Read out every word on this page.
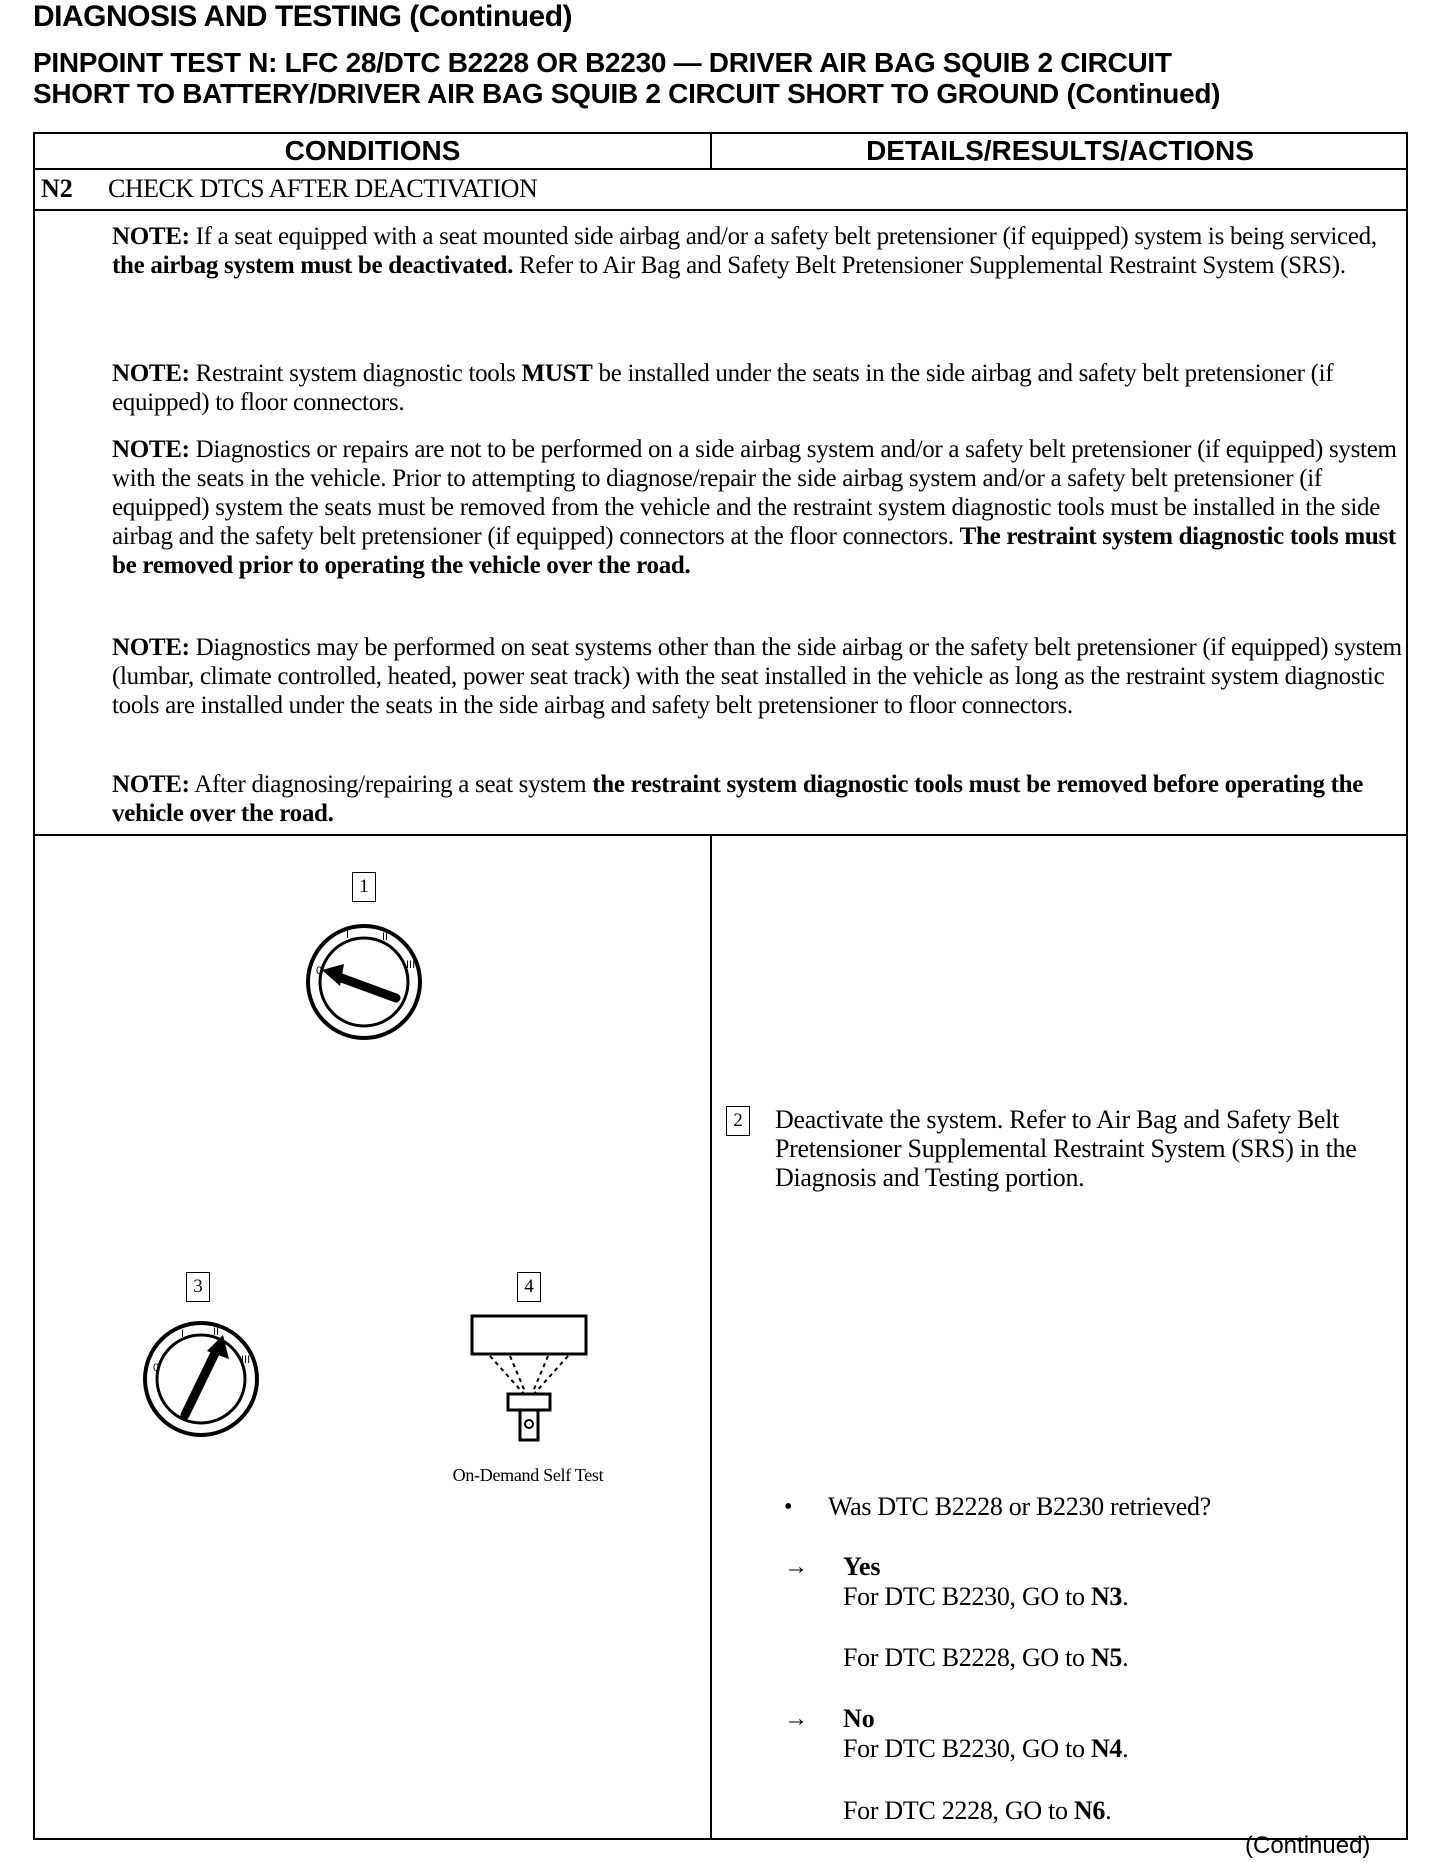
DIAGNOSIS AND TESTING (Continued)
PINPOINT TEST N: LFC 28/DTC B2228 OR B2230 — DRIVER AIR BAG SQUIB 2 CIRCUIT
SHORT TO BATTERY/DRIVER AIR BAG SQUIB 2 CIRCUIT SHORT TO GROUND (Continued)
CONDITIONS	DETAILS/RESULTS/ACTIONS
N2 CHECK DTCS AFTER DEACTIVATION
NOTE: If a seat equipped with a seat mounted side airbag and/or a safety belt pretensioner (if equipped) system is being serviced, the airbag system must be deactivated. Refer to Air Bag and Safety Belt Pretensioner Supplemental Restraint System (SRS).
NOTE: Restraint system diagnostic tools MUST be installed under the seats in the side airbag and safety belt pretensioner (if equipped) to floor connectors.
NOTE: Diagnostics or repairs are not to be performed on a side airbag system and/or a safety belt pretensioner (if equipped) system with the seats in the vehicle. Prior to attempting to diagnose/repair the side airbag system and/or a safety belt pretensioner (if equipped) system the seats must be removed from the vehicle and the restraint system diagnostic tools must be installed in the side airbag and the safety belt pretensioner (if equipped) connectors at the floor connectors. The restraint system diagnostic tools must be removed prior to operating the vehicle over the road.
NOTE: Diagnostics may be performed on seat systems other than the side airbag or the safety belt pretensioner (if equipped) system (lumbar, climate controlled, heated, power seat track) with the seat installed in the vehicle as long as the restraint system diagnostic tools are installed under the seats in the side airbag and safety belt pretensioner to floor connectors.
NOTE: After diagnosing/repairing a seat system the restraint system diagnostic tools must be removed before operating the vehicle over the road.
1
0
I	II
III
3
0
I	II
III
4
On-Demand Self Test
2 Deactivate the system. Refer to Air Bag and Safety Belt Pretensioner Supplemental Restraint System (SRS) in the Diagnosis and Testing portion.
• Was DTC B2228 or B2230 retrieved?
→ Yes
For DTC B2230, GO to N3.
For DTC B2228, GO to N5.
→ No
For DTC B2230, GO to N4.
For DTC 2228, GO to N6.
(Continued)
